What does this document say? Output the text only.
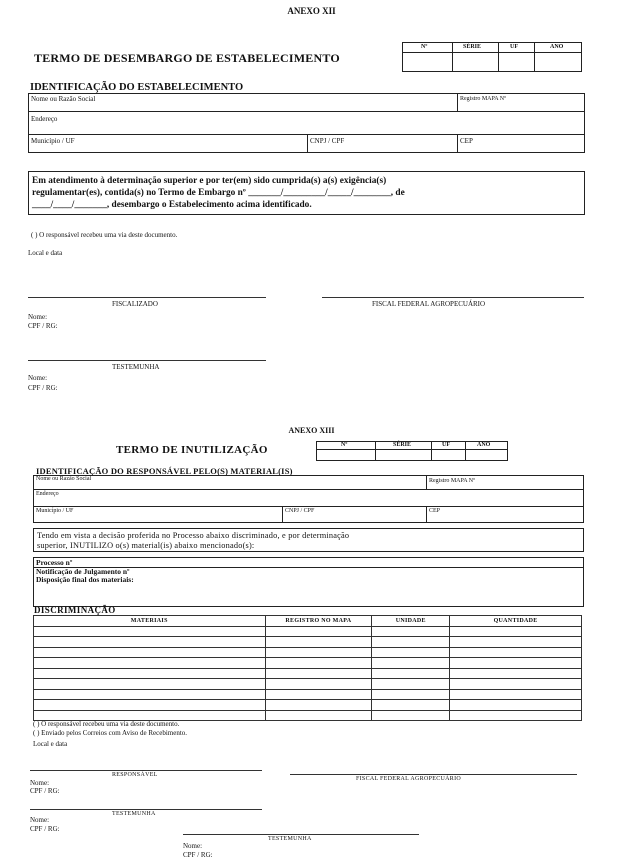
ANEXO XII
TERMO DE DESEMBARGO DE ESTABELECIMENTO
Nº	SÉRIE	UF	ANO
IDENTIFICAÇÃO DO ESTABELECIMENTO
Nome ou Razão Social	Registro MAPA Nº
Endereço
Município / UF	CNPJ / CPF	CEP
Em atendimento à determinação superior e por ter(em) sido cumprida(s) a(s) exigência(s)
regulamentar(es), contida(s) no Termo de Embargo nº _______/_________/_____/________, de
____/____/_______, desembargo o Estabelecimento acima identificado.
( ) O responsável recebeu uma via deste documento.
Local e data
FISCALIZADO	FISCAL FEDERAL AGROPECUÁRIO
Nome:
CPF / RG:
TESTEMUNHA
Nome:
CPF / RG:
ANEXO XIII
TERMO DE INUTILIZAÇÃO	Nº	SÉRIE	UF	ANO
IDENTIFICAÇÃO DO RESPONSÁVEL PELO(S) MATERIAL(IS)
Nome ou Razão Social	Registro MAPA Nº
Endereço
Município / UF	CNPJ / CPF	CEP
Tendo em vista a decisão proferida no Processo abaixo discriminado, e por determinação
superior, INUTILIZO o(s) material(is) abaixo mencionado(s):
Processo nº
Notificação de Julgamento nº
Disposição final dos materiais:
DISCRIMINAÇÃO
MATERIAIS	REGISTRO NO MAPA	UNIDADE	QUANTIDADE

( ) O responsável recebeu uma via deste documento.
( ) Enviado pelos Correios com Aviso de Recebimento.
Local e data
RESPONSÁVEL
FISCAL FEDERAL AGROPECUÁRIO
Nome:
CPF / RG:
TESTEMUNHA
Nome:
CPF / RG:
TESTEMUNHA
Nome:
CPF / RG:
